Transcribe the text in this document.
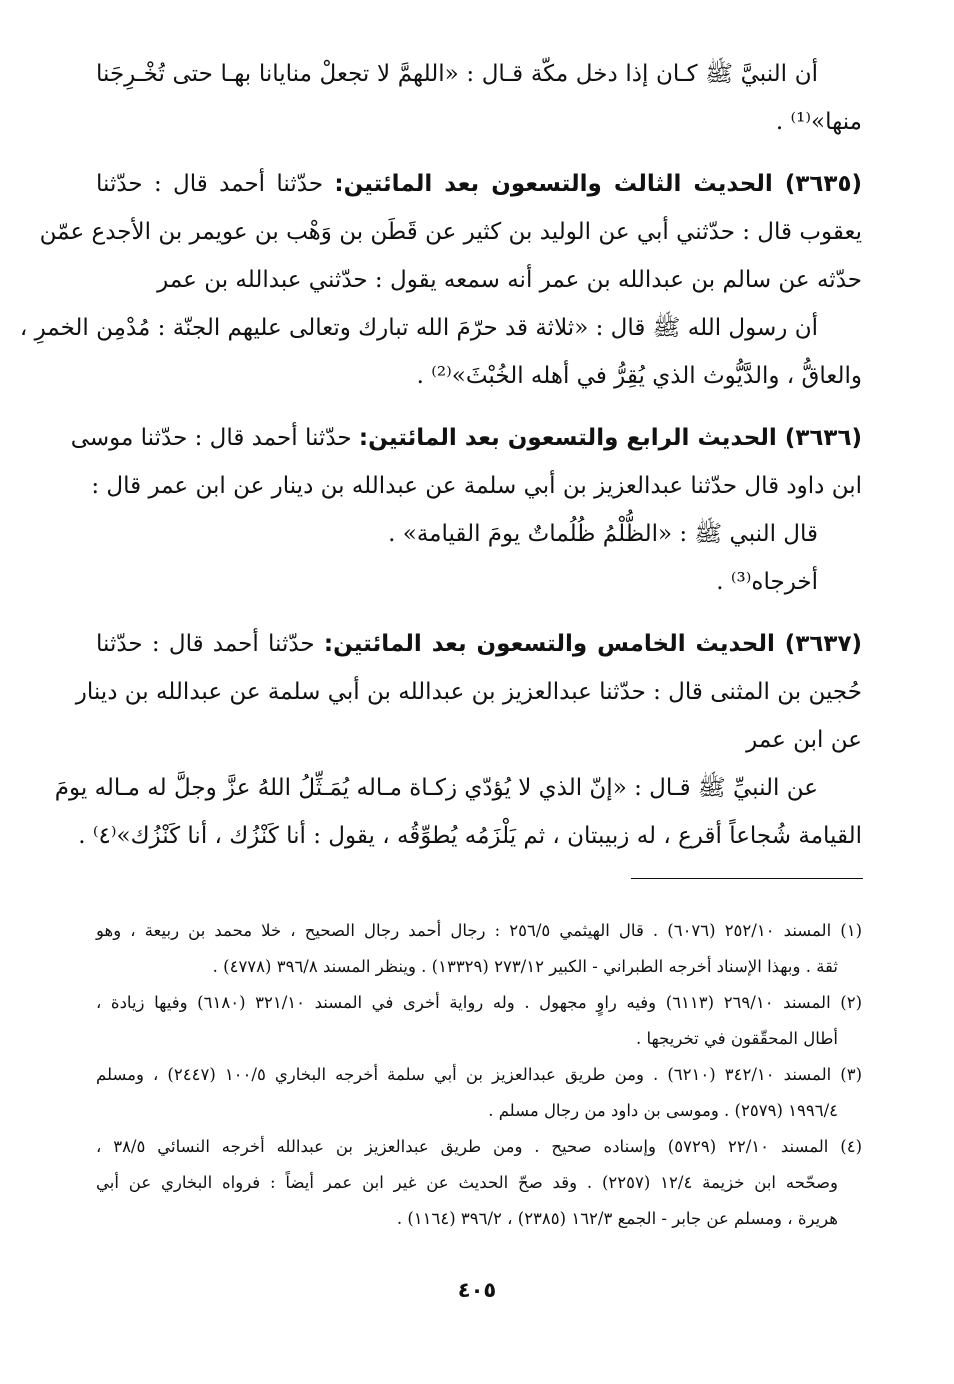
أن النبيَّ ﷺ كـان إذا دخل مكّة قـال : «اللهمَّ لا تجعلْ منايانا بهـا حتى تُخْـرِجَنا
منها»⁽¹⁾ .
(٣٦٣٥) الحديث الثالث والتسعون بعد المائتين: حدّثنا أحمد قال : حدّثنا
يعقوب قال : حدّثني أبي عن الوليد بن كثير عن قَطَن بن وَهْب بن عويمر بن الأجدع عمّن
حدّثه عن سالم بن عبدالله بن عمر أنه سمعه يقول : حدّثني عبدالله بن عمر
أن رسول الله ﷺ قال : «ثلاثة قد حرّمَ الله تبارك وتعالى عليهم الجنّة : مُدْمِن الخمرِ ،
والعاقُّ ، والدَّيُّوث الذي يُقِرُّ في أهله الخُبْثَ»⁽²⁾ .
(٣٦٣٦) الحديث الرابع والتسعون بعد المائتين: حدّثنا أحمد قال : حدّثنا موسى
ابن داود قال حدّثنا عبدالعزيز بن أبي سلمة عن عبدالله بن دينار عن ابن عمر قال :
قال النبي ﷺ : «الظُّلْمُ ظُلُماتٌ يومَ القيامة» .
أخرجاه⁽³⁾ .
(٣٦٣٧) الحديث الخامس والتسعون بعد المائتين: حدّثنا أحمد قال : حدّثنا
حُجين بن المثنى قال : حدّثنا عبدالعزيز بن عبدالله بن أبي سلمة عن عبدالله بن دينار
عن ابن عمر
عن النبيِّ ﷺ قـال : «إنّ الذي لا يُؤدّي زكـاة مـاله يُمَـثِّلُ اللهُ عزَّ وجلَّ له مـاله يومَ
القيامة شُجاعاً أقرع ، له زبيبتان ، ثم يَلْزَمُه يُطوِّقُه ، يقول : أنا كَنْزُك ، أنا كَنْزُك»⁽٤⁾ .
(١) المسند ٢٥٢/١٠ (٦٠٧٦) . قال الهيثمي ٢٥٦/٥ : رجال أحمد رجال الصحيح ، خلا محمد بن ربيعة ، وهو
ثقة . وبهذا الإسناد أخرجه الطبراني - الكبير ٢٧٣/١٢ (١٣٣٢٩) . وينظر المسند ٣٩٦/٨ (٤٧٧٨) .
(٢) المسند ٢٦٩/١٠ (٦١١٣) وفيه راوٍ مجهول . وله رواية أخرى في المسند ٣٢١/١٠ (٦١٨٠) وفيها زيادة ،
أطال المحقّقون في تخريجها .
(٣) المسند ٣٤٢/١٠ (٦٢١٠) . ومن طريق عبدالعزيز بن أبي سلمة أخرجه البخاري ١٠٠/٥ (٢٤٤٧) ، ومسلم
١٩٩٦/٤ (٢٥٧٩) . وموسى بن داود من رجال مسلم .
(٤) المسند ٢٢/١٠ (٥٧٢٩) وإسناده صحيح . ومن طريق عبدالعزيز بن عبدالله أخرجه النسائي ٣٨/٥ ،
وصحّحه ابن خزيمة ١٢/٤ (٢٢٥٧) . وقد صحّ الحديث عن غير ابن عمر أيضاً : فرواه البخاري عن أبي
هريرة ، ومسلم عن جابر - الجمع ١٦٢/٣ (٢٣٨٥) ، ٣٩٦/٢ (١١٦٤) .
٤٠٥
